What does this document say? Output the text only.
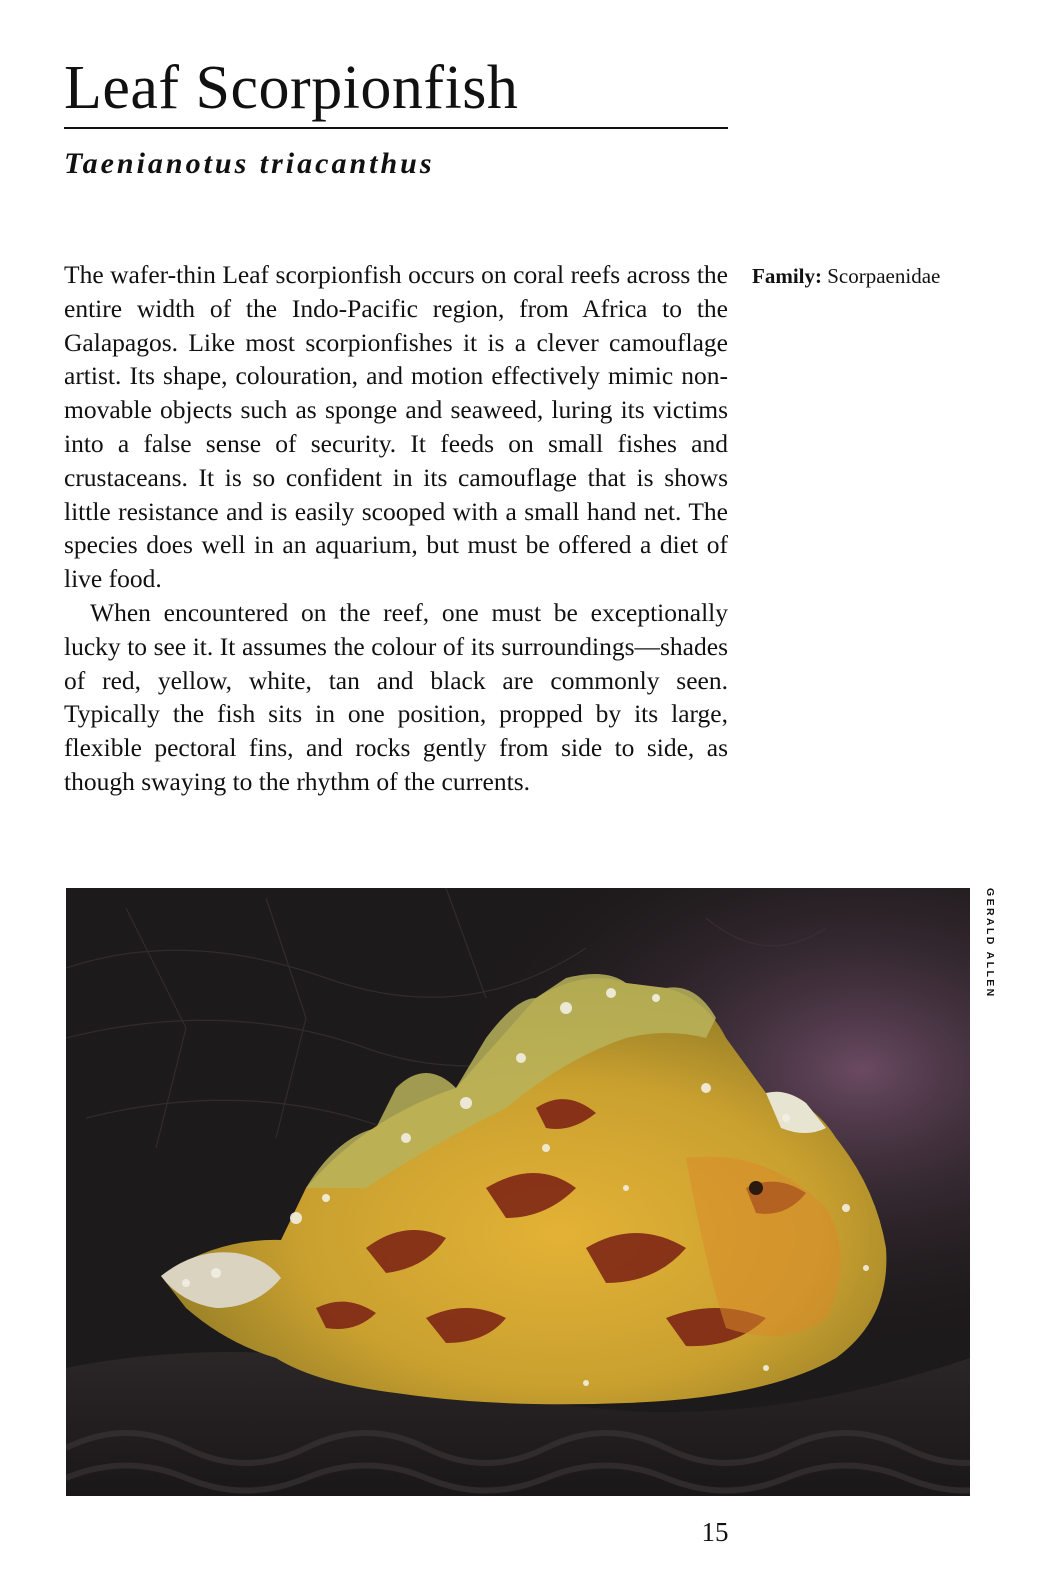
Leaf Scorpionfish
Taenianotus triacanthus

The wafer-thin Leaf scorpionfish occurs on coral reefs across the entire width of the Indo-Pacific region, from Africa to the Galapagos. Like most scorpionfishes it is a clever camouflage artist. Its shape, colouration, and motion effectively mimic non-movable objects such as sponge and seaweed, luring its victims into a false sense of security. It feeds on small fishes and crustaceans. It is so confident in its camouflage that is shows little resistance and is easily scooped with a small hand net. The species does well in an aquarium, but must be offered a diet of live food.

When encountered on the reef, one must be exceptionally lucky to see it. It assumes the colour of its surroundings—shades of red, yellow, white, tan and black are commonly seen. Typically the fish sits in one position, propped by its large, flexible pectoral fins, and rocks gently from side to side, as though swaying to the rhythm of the currents.

Family: Scorpaenidae
GERALD ALLEN
15
